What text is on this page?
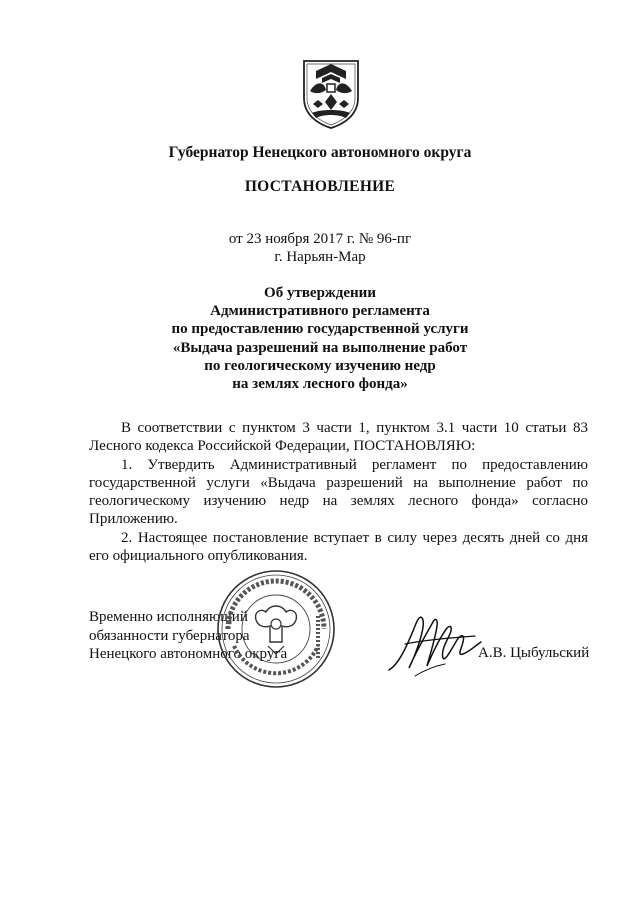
Губернатор Ненецкого автономного округа
ПОСТАНОВЛЕНИЕ
от 23 ноября 2017 г. № 96-пг
г. Нарьян-Мар
Об утверждении
Административного регламента
по предоставлению государственной услуги
«Выдача разрешений на выполнение работ
по геологическому изучению недр
на землях лесного фонда»

В соответствии с пунктом 3 части 1, пунктом 3.1 части 10 статьи 83 Лесного кодекса Российской Федерации, ПОСТАНОВЛЯЮ:

1. Утвердить Административный регламент по предоставлению государственной услуги «Выдача разрешений на выполнение работ по геологическому изучению недр на землях лесного фонда» согласно Приложению.

2. Настоящее постановление вступает в силу через десять дней со дня его официального опубликования.

Временно исполняющий
обязанности губернатора
Ненецкого автономного округа	А.В. Цыбульский
